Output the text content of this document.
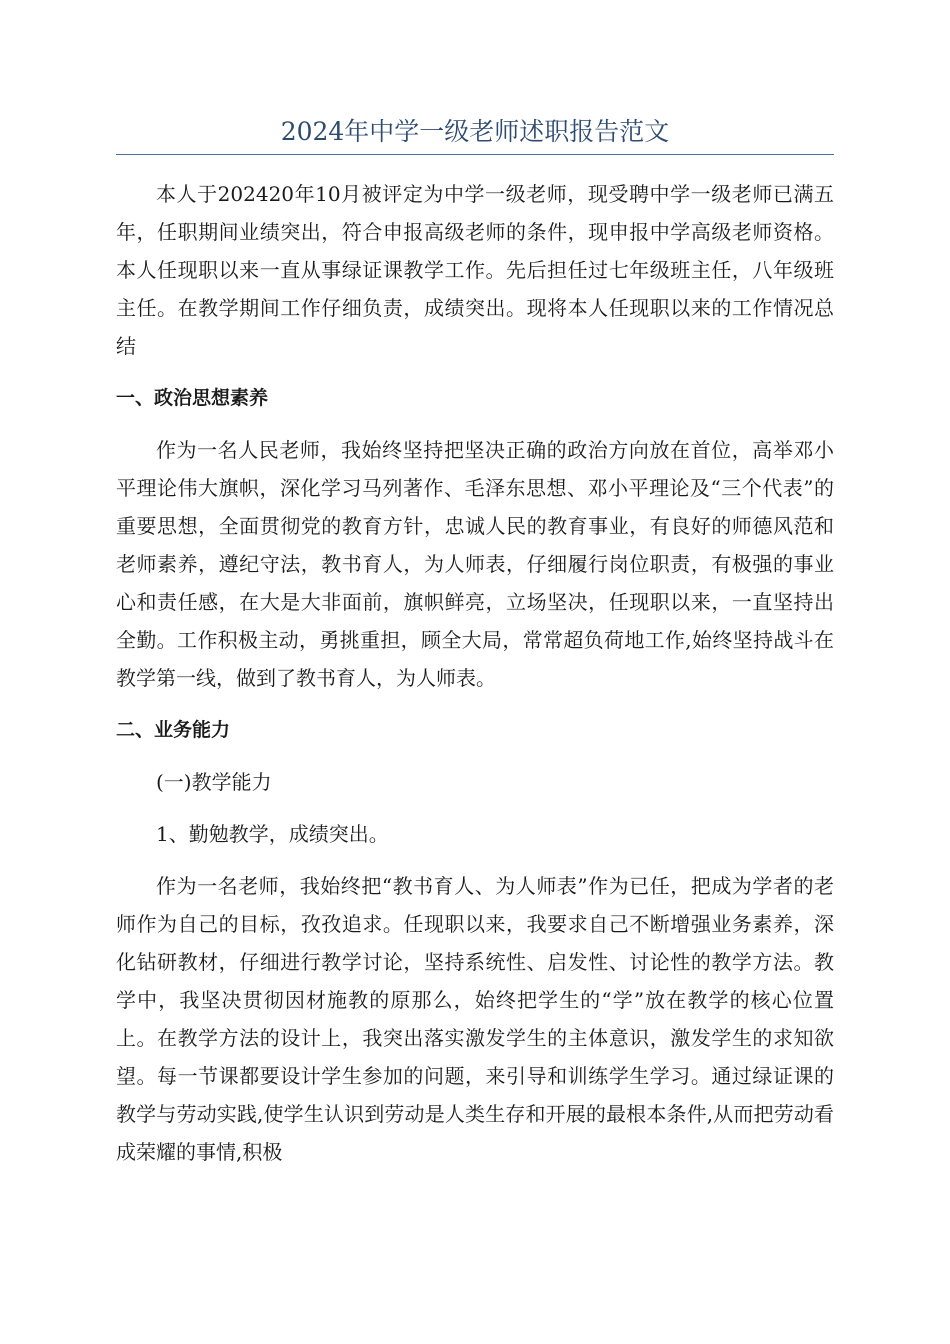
2024年中学一级老师述职报告范文

本人于202420年10月被评定为中学一级老师，现受聘中学一级老师已满五年，任职期间业绩突出，符合申报高级老师的条件，现申报中学高级老师资格。本人任现职以来一直从事绿证课教学工作。先后担任过七年级班主任，八年级班主任。在教学期间工作仔细负责，成绩突出。现将本人任现职以来的工作情况总结

一、政治思想素养

作为一名人民老师，我始终坚持把坚决正确的政治方向放在首位，高举邓小平理论伟大旗帜，深化学习马列著作、毛泽东思想、邓小平理论及“三个代表”的重要思想，全面贯彻党的教育方针，忠诚人民的教育事业，有良好的师德风范和老师素养，遵纪守法，教书育人，为人师表，仔细履行岗位职责，有极强的事业心和责任感，在大是大非面前，旗帜鲜亮，立场坚决，任现职以来，一直坚持出全勤。工作积极主动，勇挑重担，顾全大局，常常超负荷地工作,始终坚持战斗在教学第一线，做到了教书育人，为人师表。

二、业务能力

(一)教学能力

1、勤勉教学，成绩突出。

作为一名老师，我始终把“教书育人、为人师表”作为已任，把成为学者的老师作为自己的目标，孜孜追求。任现职以来，我要求自己不断增强业务素养，深化钻研教材，仔细进行教学讨论，坚持系统性、启发性、讨论性的教学方法。教学中，我坚决贯彻因材施教的原那么，始终把学生的“学”放在教学的核心位置上。在教学方法的设计上，我突出落实激发学生的主体意识，激发学生的求知欲望。每一节课都要设计学生参加的问题，来引导和训练学生学习。通过绿证课的教学与劳动实践,使学生认识到劳动是人类生存和开展的最根本条件,从而把劳动看成荣耀的事情,积极
